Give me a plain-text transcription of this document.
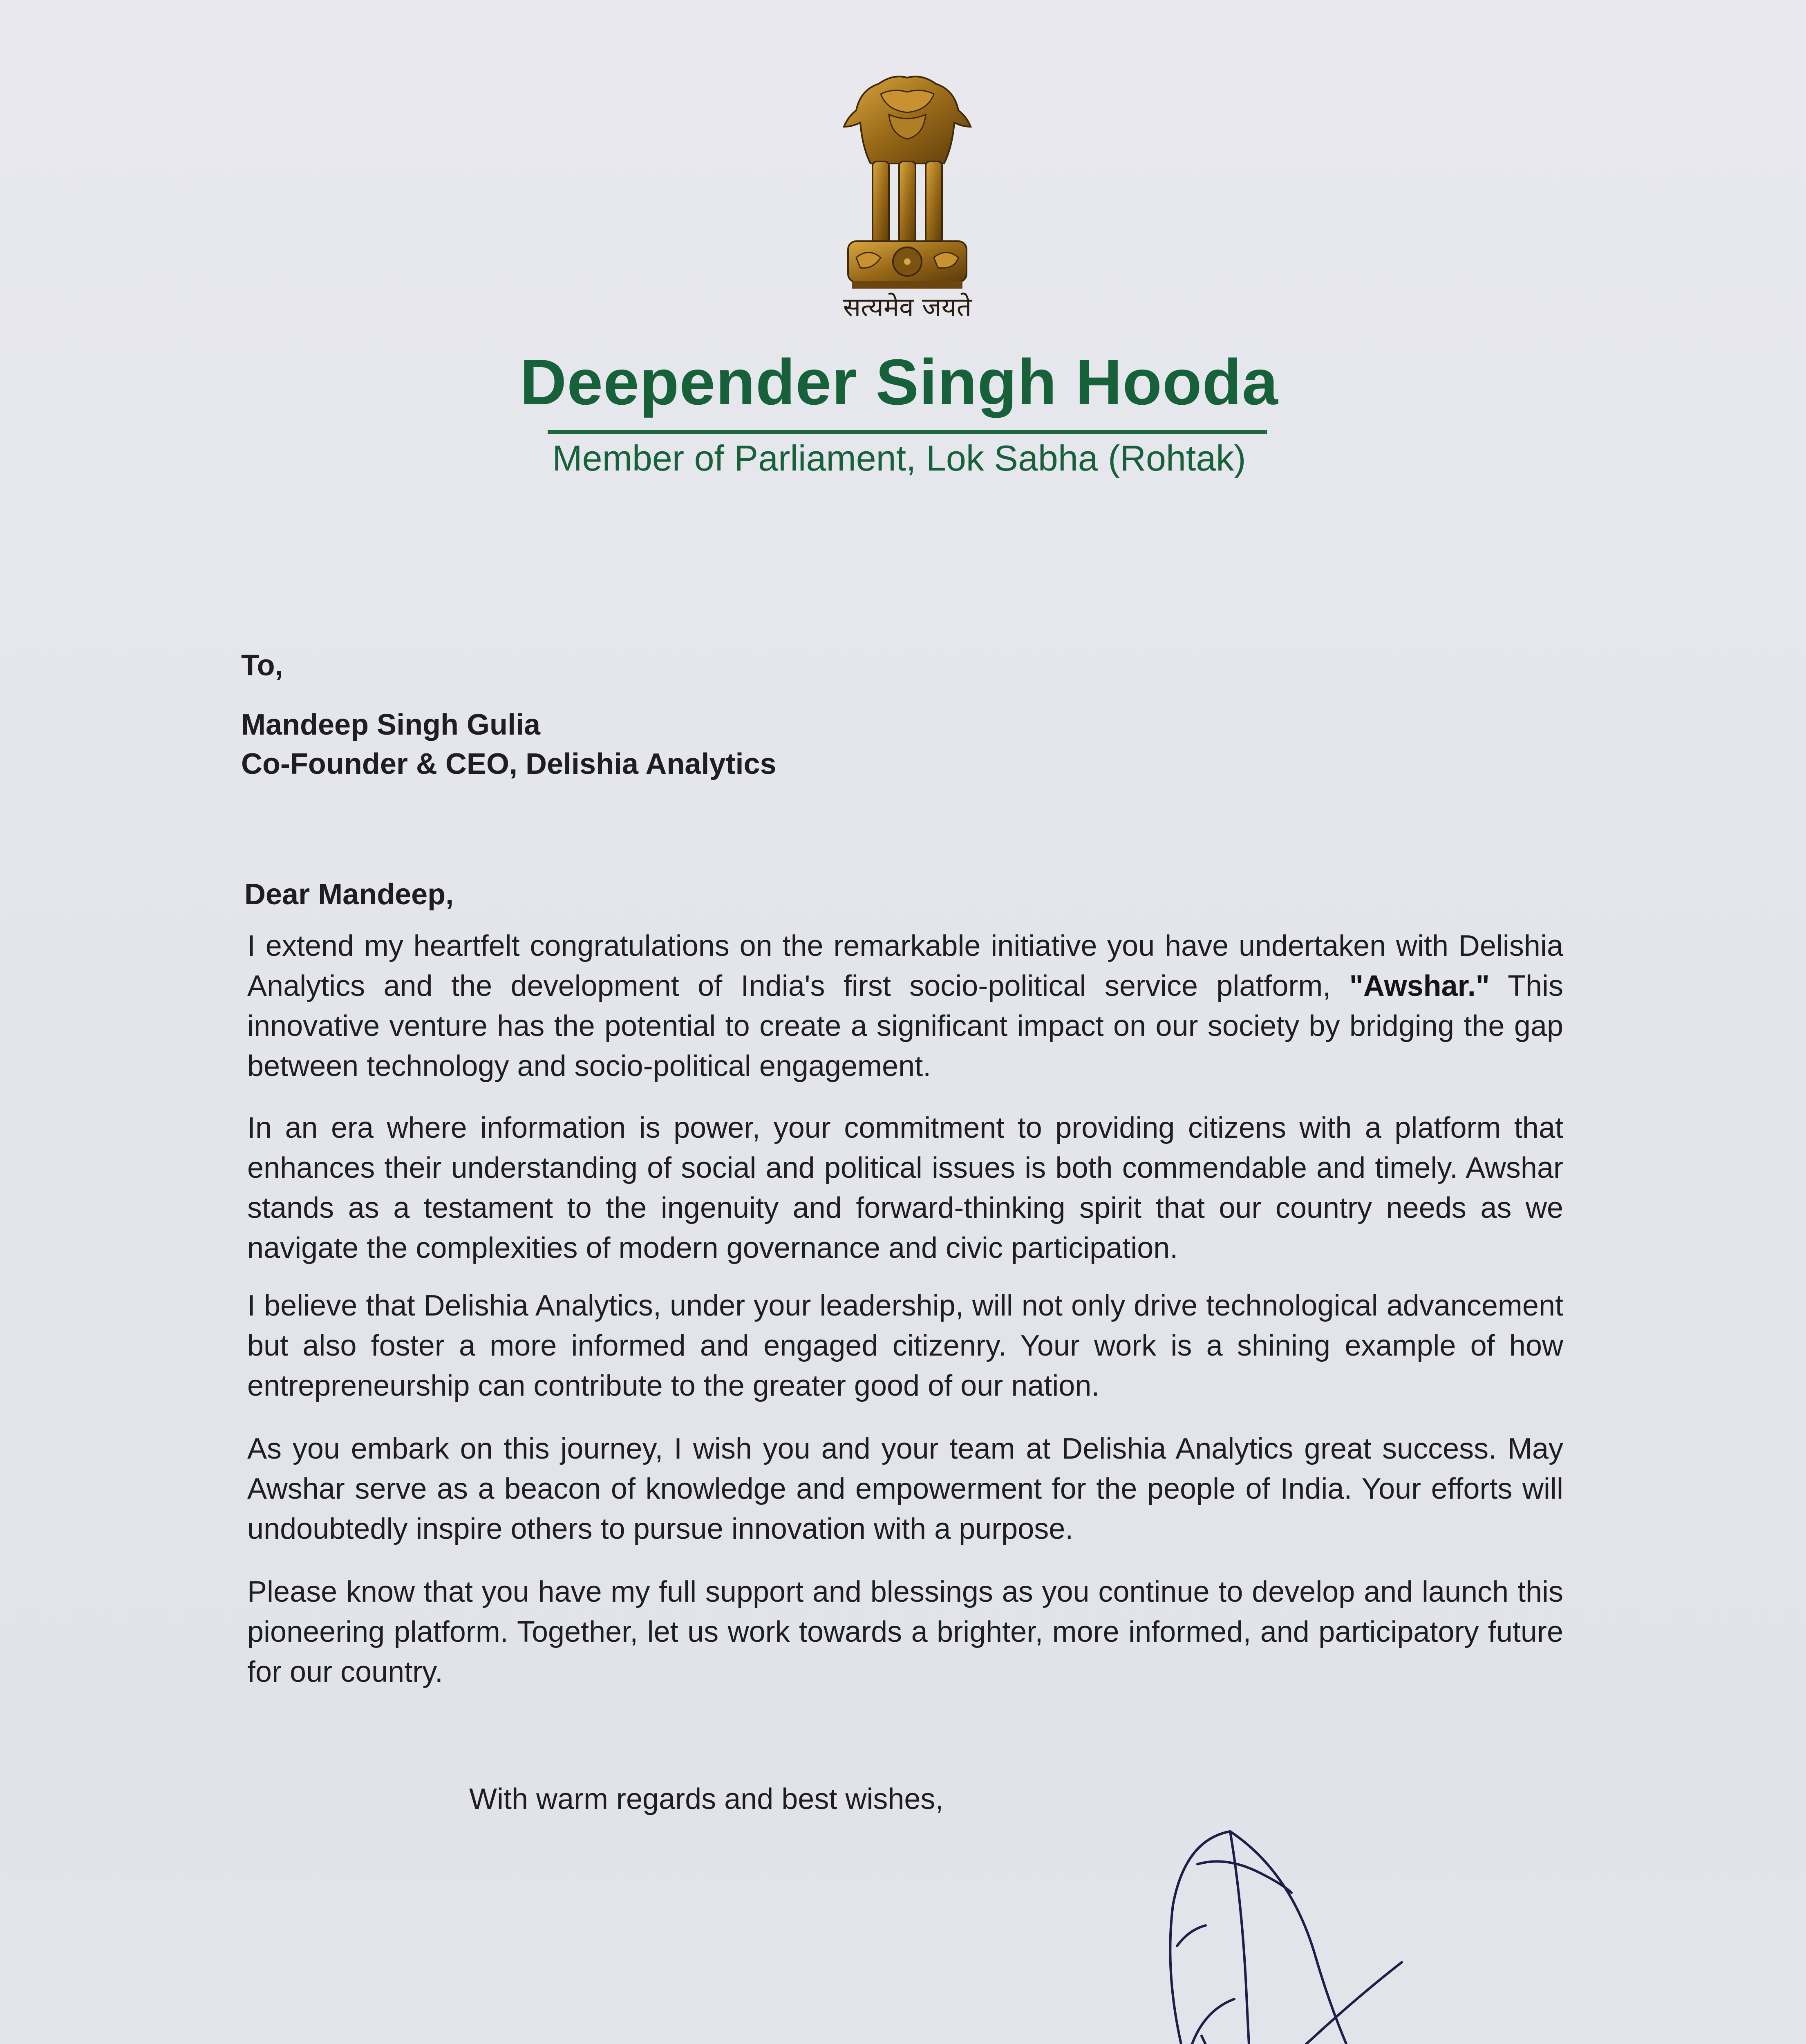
सत्यमेव जयते
Deepender Singh Hooda
Member of Parliament, Lok Sabha (Rohtak)
To,
Mandeep Singh Gulia
Co-Founder & CEO, Delishia Analytics
Dear Mandeep,
I extend my heartfelt congratulations on the remarkable initiative you have undertaken with Delishia Analytics and the development of India's first socio-political service platform, "Awshar." This innovative venture has the potential to create a significant impact on our society by bridging the gap between technology and socio-political engagement.
In an era where information is power, your commitment to providing citizens with a platform that enhances their understanding of social and political issues is both commendable and timely. Awshar stands as a testament to the ingenuity and forward-thinking spirit that our country needs as we navigate the complexities of modern governance and civic participation.
I believe that Delishia Analytics, under your leadership, will not only drive technological advancement but also foster a more informed and engaged citizenry. Your work is a shining example of how entrepreneurship can contribute to the greater good of our nation.
As you embark on this journey, I wish you and your team at Delishia Analytics great success. May Awshar serve as a beacon of knowledge and empowerment for the people of India. Your efforts will undoubtedly inspire others to pursue innovation with a purpose.
Please know that you have my full support and blessings as you continue to develop and launch this pioneering platform. Together, let us work towards a brighter, more informed, and participatory future for our country.
With warm regards and best wishes,
